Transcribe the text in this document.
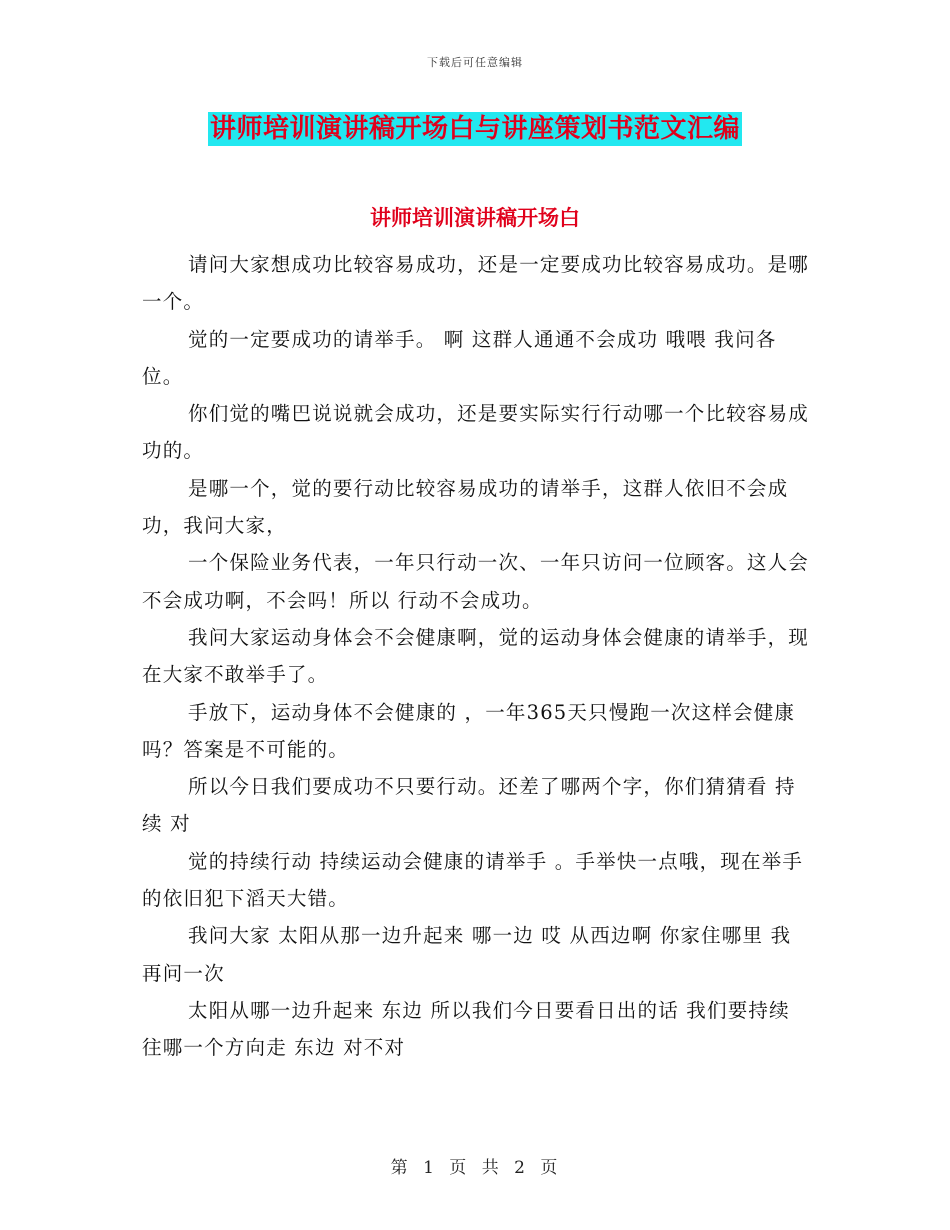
下载后可任意编辑
讲师培训演讲稿开场白与讲座策划书范文汇编
讲师培训演讲稿开场白

请问大家想成功比较容易成功，还是一定要成功比较容易成功。是哪一个。

觉的一定要成功的请举手。 啊 这群人通通不会成功 哦喂 我问各位。

你们觉的嘴巴说说就会成功，还是要实际实行行动哪一个比较容易成功的。

是哪一个，觉的要行动比较容易成功的请举手，这群人依旧不会成功，我问大家，

一个保险业务代表，一年只行动一次、一年只访问一位顾客。这人会不会成功啊，不会吗！所以 行动不会成功。

我问大家运动身体会不会健康啊，觉的运动身体会健康的请举手，现在大家不敢举手了。

手放下，运动身体不会健康的 ，一年365天只慢跑一次这样会健康吗？答案是不可能的。

所以今日我们要成功不只要行动。还差了哪两个字，你们猜猜看 持续 对

觉的持续行动 持续运动会健康的请举手 。手举快一点哦，现在举手的依旧犯下滔天大错。

我问大家 太阳从那一边升起来 哪一边 哎 从西边啊 你家住哪里 我再问一次

太阳从哪一边升起来 东边 所以我们今日要看日出的话 我们要持续往哪一个方向走 东边 对不对

第 1 页 共 2 页
